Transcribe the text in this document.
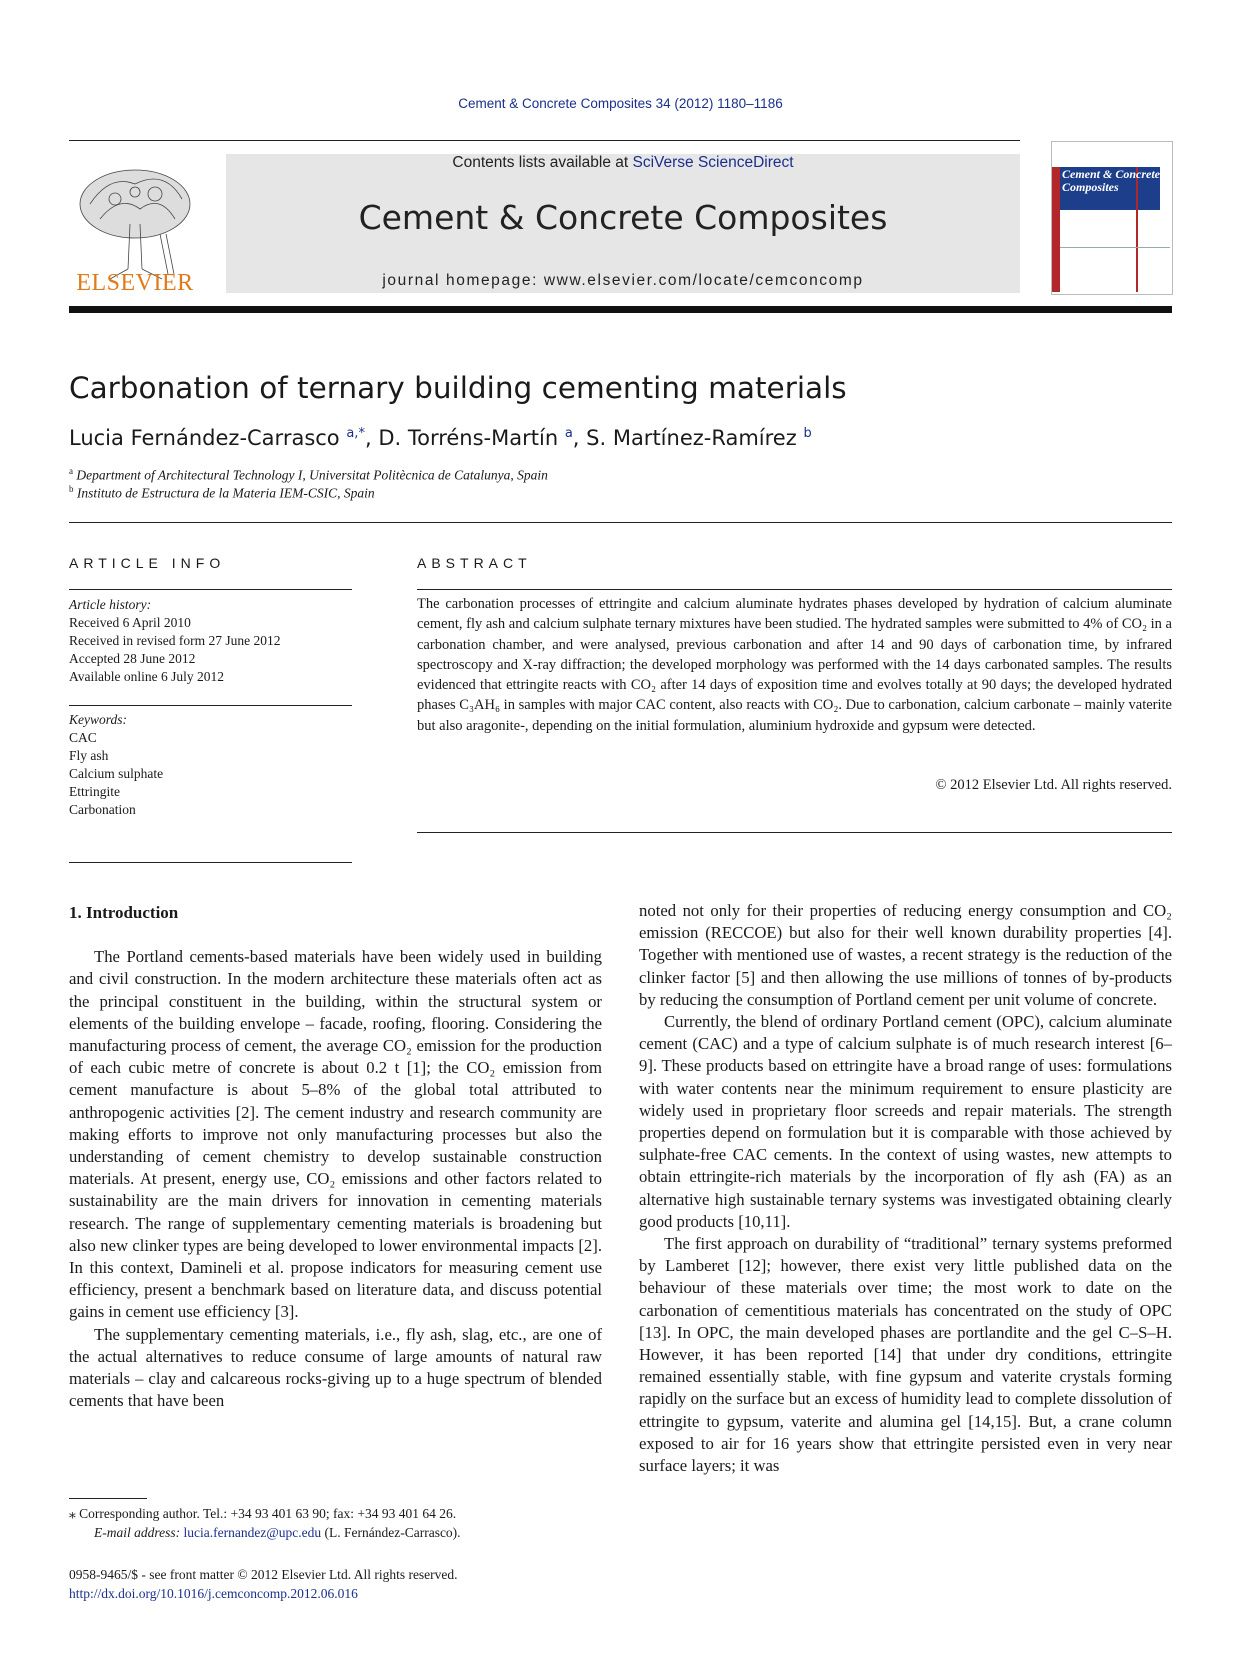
Cement & Concrete Composites 34 (2012) 1180–1186
ELSEVIER
Contents lists available at SciVerse ScienceDirect
Cement & Concrete Composites
journal homepage: www.elsevier.com/locate/cemconcomp
Cement & Concrete Composites
Carbonation of ternary building cementing materials
Lucia Fernández-Carrasco $^{a,*}$, D. Torréns-Martín $^a$, S. Martínez-Ramírez $^b$
$^a$ Department of Architectural Technology I, Universitat Politècnica de Catalunya, Spain
$^b$ Instituto de Estructura de la Materia IEM-CSIC, Spain
ARTICLE INFO
Article history:
Received 6 April 2010
Received in revised form 27 June 2012
Accepted 28 June 2012
Available online 6 July 2012
Keywords:
CAC
Fly ash
Calcium sulphate
Ettringite
Carbonation
ABSTRACT
The carbonation processes of ettringite and calcium aluminate hydrates phases developed by hydration of calcium aluminate cement, fly ash and calcium sulphate ternary mixtures have been studied. The hydrated samples were submitted to 4% of CO₂ in a carbonation chamber, and were analysed, previous carbonation and after 14 and 90 days of carbonation time, by infrared spectroscopy and X-ray diffraction; the developed morphology was performed with the 14 days carbonated samples. The results evidenced that ettringite reacts with CO₂ after 14 days of exposition time and evolves totally at 90 days; the developed hydrated phases C₃AH₆ in samples with major CAC content, also reacts with CO₂. Due to carbonation, calcium carbonate – mainly vaterite but also aragonite-, depending on the initial formulation, aluminium hydroxide and gypsum were detected.
© 2012 Elsevier Ltd. All rights reserved.

1. Introduction

The Portland cements-based materials have been widely used in building and civil construction. In the modern architecture these materials often act as the principal constituent in the building, within the structural system or elements of the building envelope – facade, roofing, flooring. Considering the manufacturing process of cement, the average CO₂ emission for the production of each cubic metre of concrete is about 0.2 t [1]; the CO₂ emission from cement manufacture is about 5–8% of the global total attributed to anthropogenic activities [2]. The cement industry and research community are making efforts to improve not only manufacturing processes but also the understanding of cement chemistry to develop sustainable construction materials. At present, energy use, CO₂ emissions and other factors related to sustainability are the main drivers for innovation in cementing materials research. The range of supplementary cementing materials is broadening but also new clinker types are being developed to lower environmental impacts [2]. In this context, Damineli et al. propose indicators for measuring cement use efficiency, present a benchmark based on literature data, and discuss potential gains in cement use efficiency [3].

The supplementary cementing materials, i.e., fly ash, slag, etc., are one of the actual alternatives to reduce consume of large amounts of natural raw materials – clay and calcareous rocks-giving up to a huge spectrum of blended cements that have been

noted not only for their properties of reducing energy consumption and CO₂ emission (RECCOE) but also for their well known durability properties [4]. Together with mentioned use of wastes, a recent strategy is the reduction of the clinker factor [5] and then allowing the use millions of tonnes of by-products by reducing the consumption of Portland cement per unit volume of concrete.

Currently, the blend of ordinary Portland cement (OPC), calcium aluminate cement (CAC) and a type of calcium sulphate is of much research interest [6–9]. These products based on ettringite have a broad range of uses: formulations with water contents near the minimum requirement to ensure plasticity are widely used in proprietary floor screeds and repair materials. The strength properties depend on formulation but it is comparable with those achieved by sulphate-free CAC cements. In the context of using wastes, new attempts to obtain ettringite-rich materials by the incorporation of fly ash (FA) as an alternative high sustainable ternary systems was investigated obtaining clearly good products [10,11].

The first approach on durability of “traditional” ternary systems preformed by Lamberet [12]; however, there exist very little published data on the behaviour of these materials over time; the most work to date on the carbonation of cementitious materials has concentrated on the study of OPC [13]. In OPC, the main developed phases are portlandite and the gel C–S–H. However, it has been reported [14] that under dry conditions, ettringite remained essentially stable, with fine gypsum and vaterite crystals forming rapidly on the surface but an excess of humidity lead to complete dissolution of ettringite to gypsum, vaterite and alumina gel [14,15]. But, a crane column exposed to air for 16 years show that ettringite persisted even in very near surface layers; it was

⁎ Corresponding author. Tel.: +34 93 401 63 90; fax: +34 93 401 64 26.
E-mail address: lucia.fernandez@upc.edu (L. Fernández-Carrasco).
0958-9465/$ - see front matter © 2012 Elsevier Ltd. All rights reserved.
http://dx.doi.org/10.1016/j.cemconcomp.2012.06.016
